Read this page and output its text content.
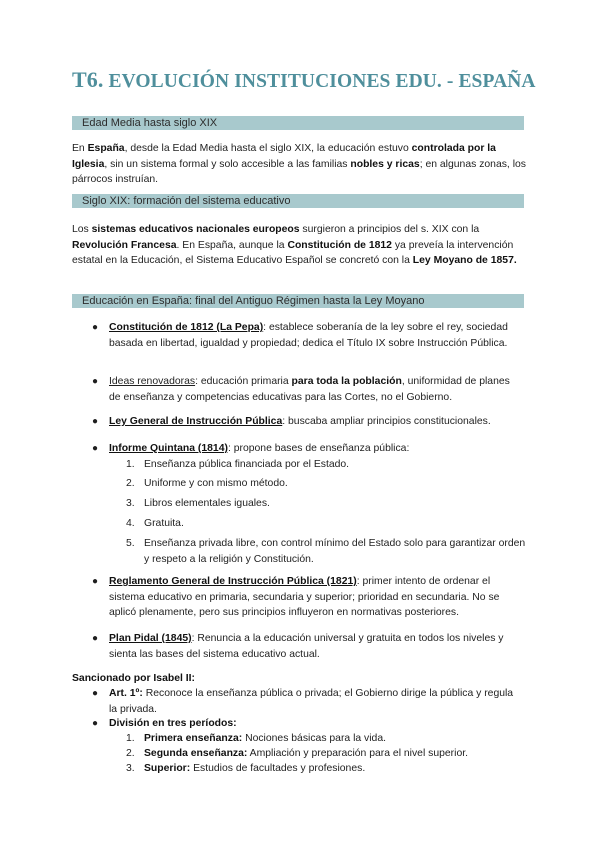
T6. EVOLUCIÓN INSTITUCIONES EDU. - ESPAÑA
Edad Media hasta siglo XIX

En España, desde la Edad Media hasta el siglo XIX, la educación estuvo controlada por la Iglesia, sin un sistema formal y solo accesible a las familias nobles y ricas; en algunas zonas, los párrocos instruían.

Siglo XIX: formación del sistema educativo

Los sistemas educativos nacionales europeos surgieron a principios del s. XIX con la Revolución Francesa. En España, aunque la Constitución de 1812 ya preveía la intervención estatal en la Educación, el Sistema Educativo Español se concretó con la Ley Moyano de 1857.

Educación en España: final del Antiguo Régimen hasta la Ley Moyano
● Constitución de 1812 (La Pepa): establece soberanía de la ley sobre el rey, sociedad basada en libertad, igualdad y propiedad; dedica el Título IX sobre Instrucción Pública.
● Ideas renovadoras: educación primaria para toda la población, uniformidad de planes de enseñanza y competencias educativas para las Cortes, no el Gobierno.
● Ley General de Instrucción Pública: buscaba ampliar principios constitucionales.
● Informe Quintana (1814): propone bases de enseñanza pública:
1. Enseñanza pública financiada por el Estado.
2. Uniforme y con mismo método.
3. Libros elementales iguales.
4. Gratuita.
5. Enseñanza privada libre, con control mínimo del Estado solo para garantizar orden y respeto a la religión y Constitución.
● Reglamento General de Instrucción Pública (1821): primer intento de ordenar el sistema educativo en primaria, secundaria y superior; prioridad en secundaria. No se aplicó plenamente, pero sus principios influyeron en normativas posteriores.
● Plan Pidal (1845): Renuncia a la educación universal y gratuita en todos los niveles y sienta las bases del sistema educativo actual.
Sancionado por Isabel II:
● Art. 1º: Reconoce la enseñanza pública o privada; el Gobierno dirige la pública y regula la privada.
● División en tres períodos:
1. Primera enseñanza: Nociones básicas para la vida.
2. Segunda enseñanza: Ampliación y preparación para el nivel superior.
3. Superior: Estudios de facultades y profesiones.
